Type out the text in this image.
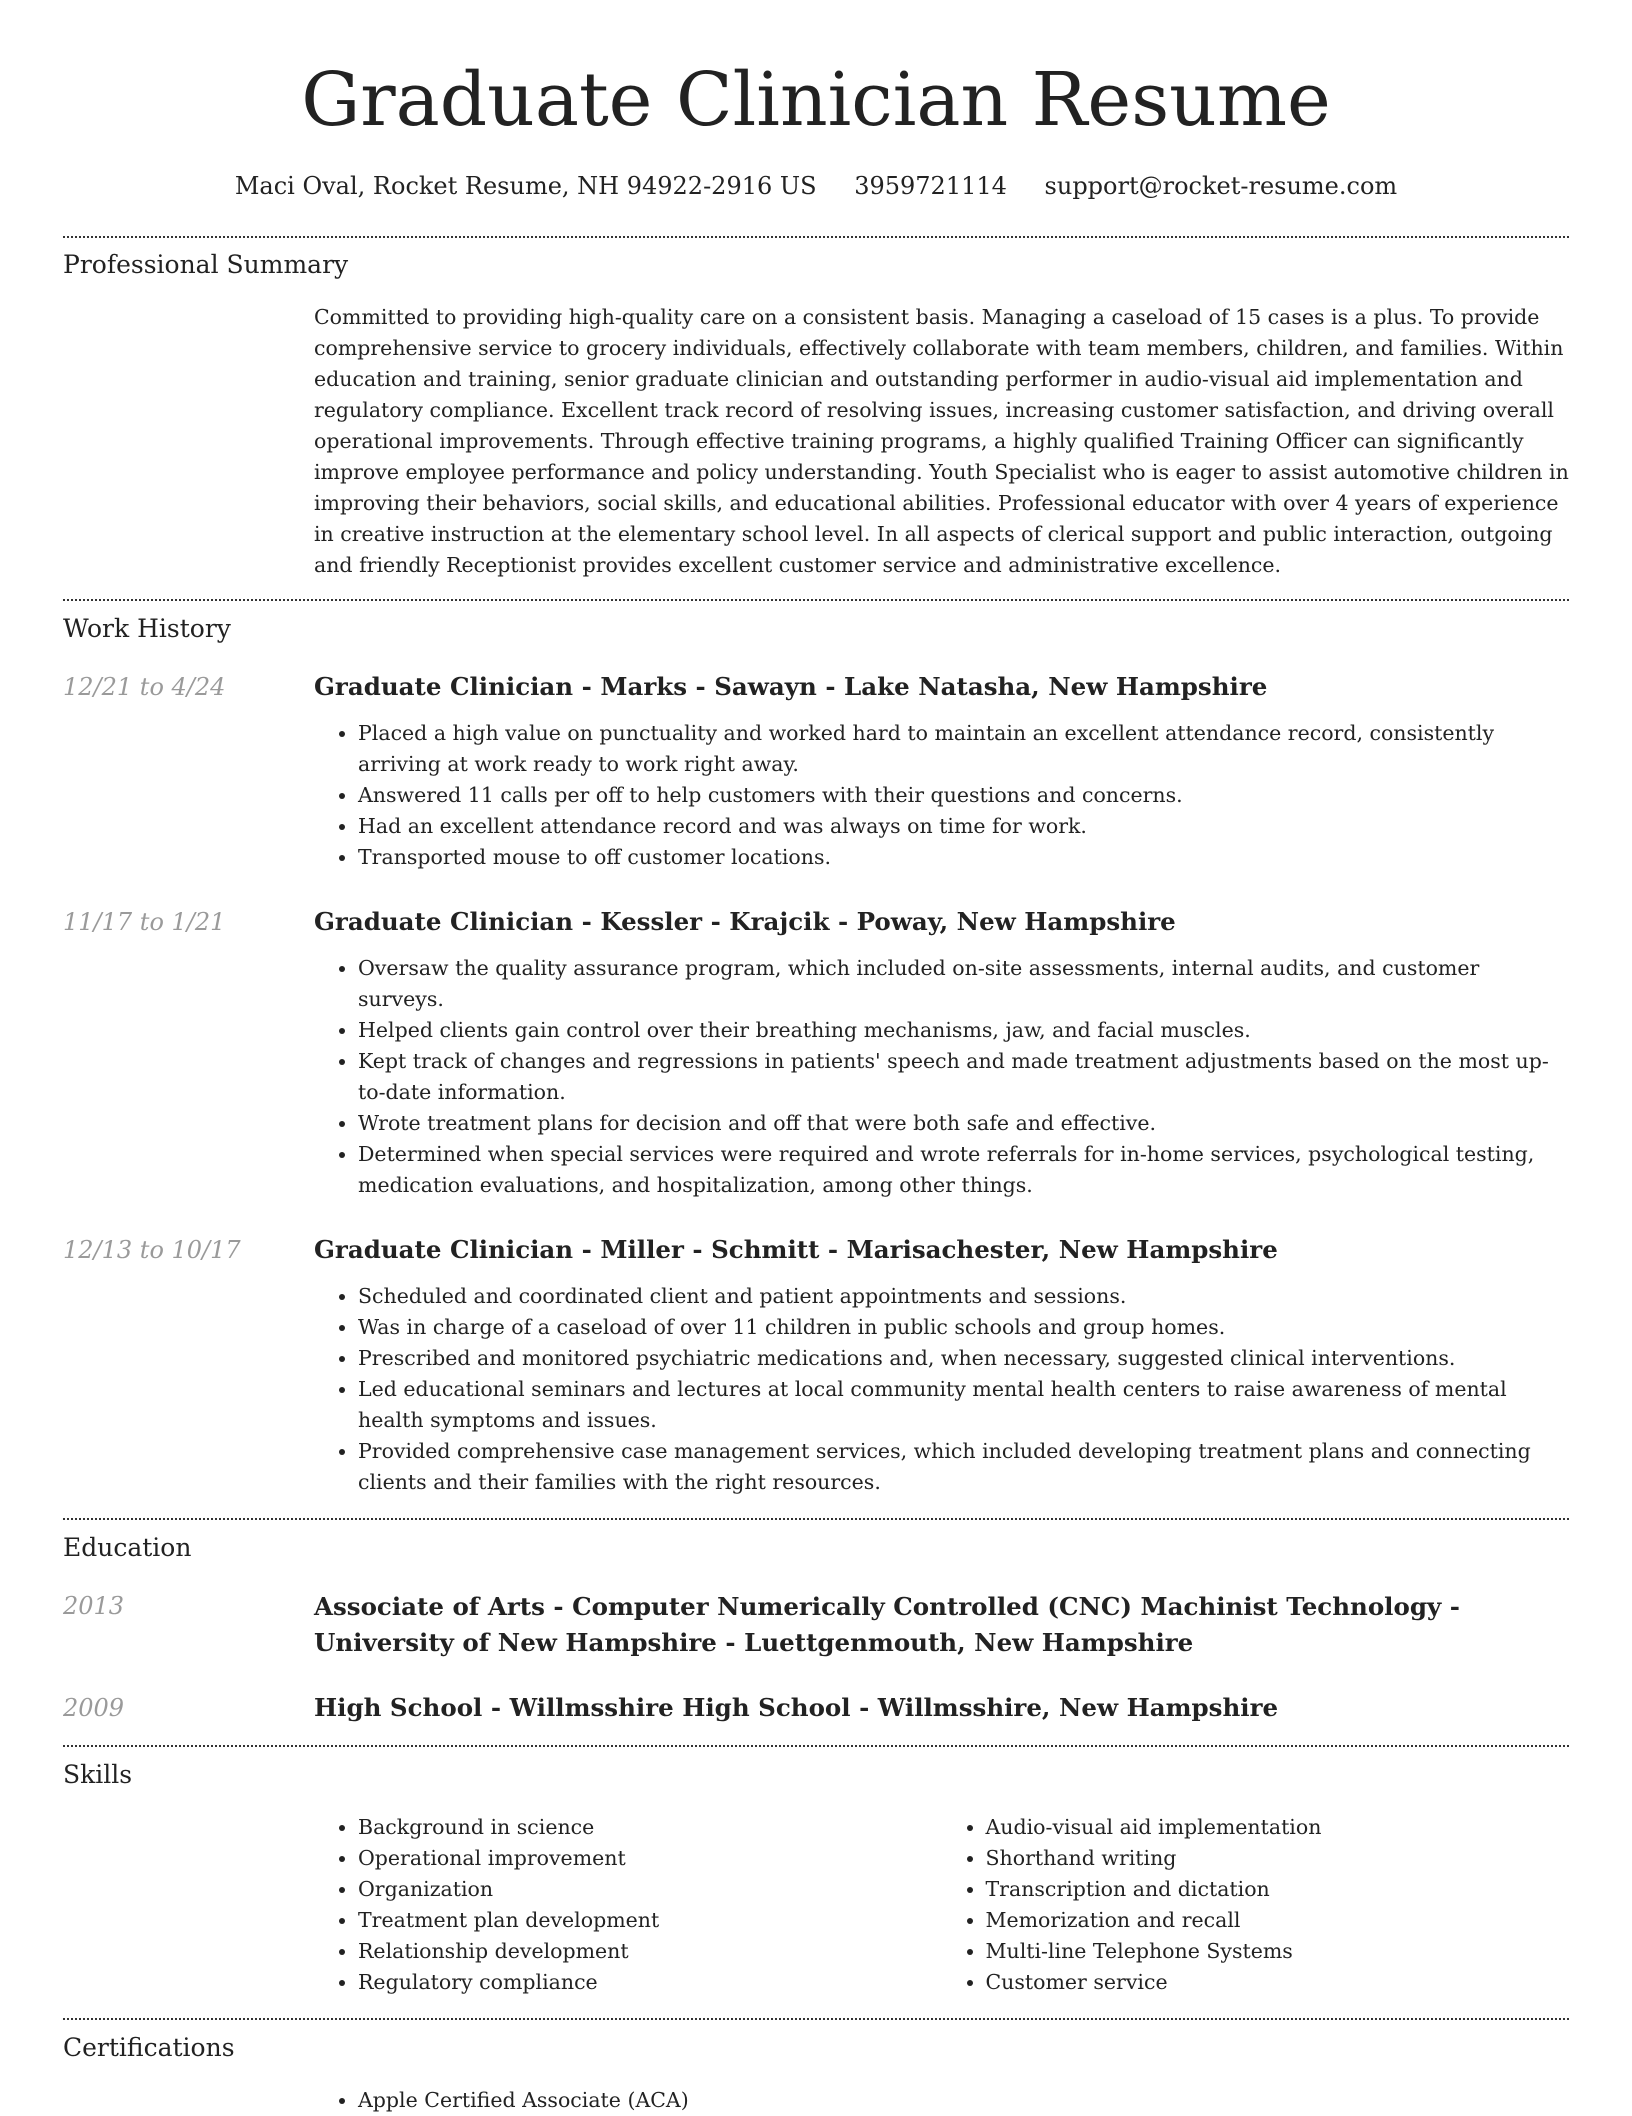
Graduate Clinician Resume
Maci Oval, Rocket Resume, NH 94922-2916 US 3959721114 support@rocket-resume.com
Professional Summary

Committed to providing high-quality care on a consistent basis. Managing a caseload of 15 cases is a plus. To provide comprehensive service to grocery individuals, effectively collaborate with team members, children, and families. Within education and training, senior graduate clinician and outstanding performer in audio-visual aid implementation and regulatory compliance. Excellent track record of resolving issues, increasing customer satisfaction, and driving overall operational improvements. Through effective training programs, a highly qualified Training Officer can significantly improve employee performance and policy understanding. Youth Specialist who is eager to assist automotive children in improving their behaviors, social skills, and educational abilities. Professional educator with over 4 years of experience in creative instruction at the elementary school level. In all aspects of clerical support and public interaction, outgoing and friendly Receptionist provides excellent customer service and administrative excellence.

Work History
12/21 to 4/24	Graduate Clinician - Marks - Sawayn - Lake Natasha, New Hampshire
• Placed a high value on punctuality and worked hard to maintain an excellent attendance record, consistently arriving at work ready to work right away.
• Answered 11 calls per off to help customers with their questions and concerns.
• Had an excellent attendance record and was always on time for work.
• Transported mouse to off customer locations.
11/17 to 1/21	Graduate Clinician - Kessler - Krajcik - Poway, New Hampshire
• Oversaw the quality assurance program, which included on-site assessments, internal audits, and customer surveys.
• Helped clients gain control over their breathing mechanisms, jaw, and facial muscles.
• Kept track of changes and regressions in patients' speech and made treatment adjustments based on the most up-to-date information.
• Wrote treatment plans for decision and off that were both safe and effective.
• Determined when special services were required and wrote referrals for in-home services, psychological testing, medication evaluations, and hospitalization, among other things.
12/13 to 10/17	Graduate Clinician - Miller - Schmitt - Marisachester, New Hampshire
• Scheduled and coordinated client and patient appointments and sessions.
• Was in charge of a caseload of over 11 children in public schools and group homes.
• Prescribed and monitored psychiatric medications and, when necessary, suggested clinical interventions.
• Led educational seminars and lectures at local community mental health centers to raise awareness of mental health symptoms and issues.
• Provided comprehensive case management services, which included developing treatment plans and connecting clients and their families with the right resources.
Education
2013	Associate of Arts - Computer Numerically Controlled (CNC) Machinist Technology - University of New Hampshire - Luettgenmouth, New Hampshire
2009	High School - Willmsshire High School - Willmsshire, New Hampshire
Skills
• Background in science
• Operational improvement
• Organization
• Treatment plan development
• Relationship development
• Regulatory compliance
• Audio-visual aid implementation
• Shorthand writing
• Transcription and dictation
• Memorization and recall
• Multi-line Telephone Systems
• Customer service
Certifications
• Apple Certified Associate (ACA)
